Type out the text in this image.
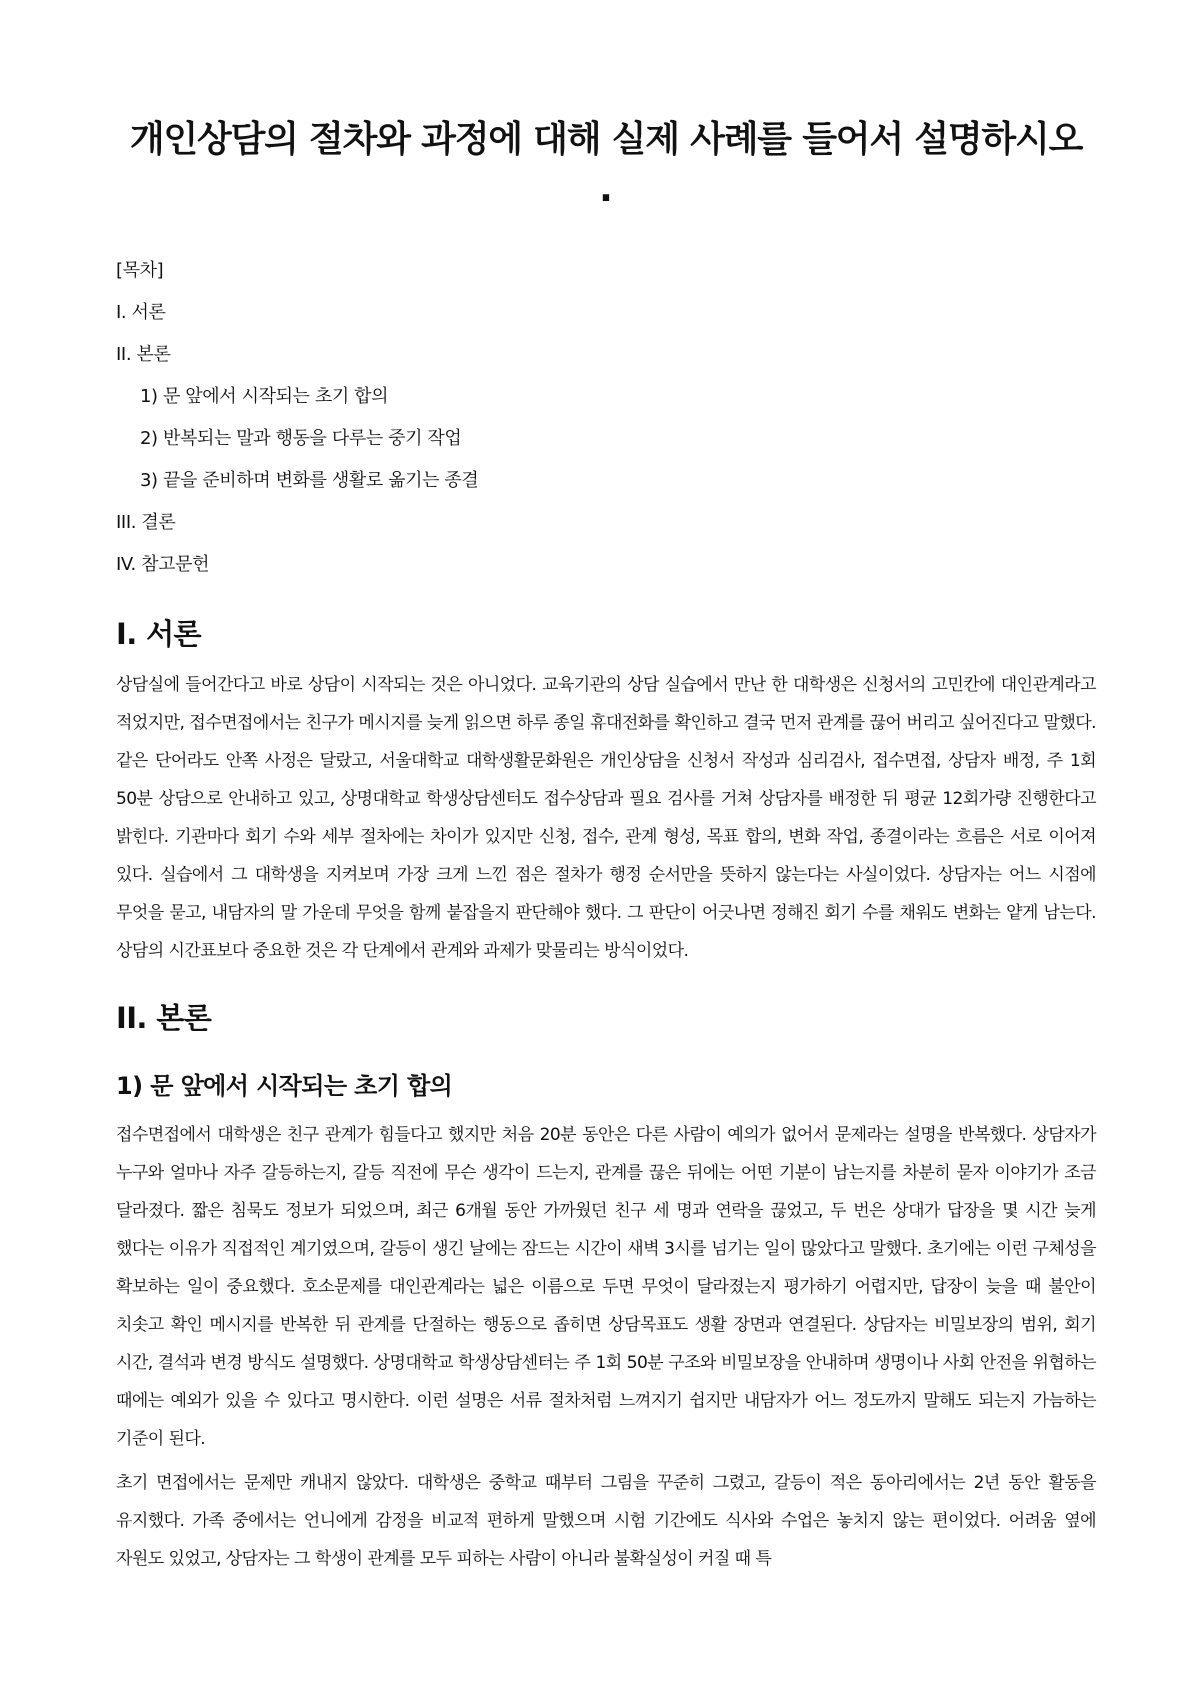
개인상담의 절차와 과정에 대해 실제 사례를 들어서 설명하시오
.
[목차]
I. 서론
II. 본론
1) 문 앞에서 시작되는 초기 합의
2) 반복되는 말과 행동을 다루는 중기 작업
3) 끝을 준비하며 변화를 생활로 옮기는 종결
III. 결론
IV. 참고문헌
I. 서론

상담실에 들어간다고 바로 상담이 시작되는 것은 아니었다. 교육기관의 상담 실습에서 만난 한 대학생은 신청서의 고민칸에 대인관계라고 적었지만, 접수면접에서는 친구가 메시지를 늦게 읽으면 하루 종일 휴대전화를 확인하고 결국 먼저 관계를 끊어 버리고 싶어진다고 말했다. 같은 단어라도 안쪽 사정은 달랐고, 서울대학교 대학생활문화원은 개인상담을 신청서 작성과 심리검사, 접수면접, 상담자 배정, 주 1회 50분 상담으로 안내하고 있고, 상명대학교 학생상담센터도 접수상담과 필요 검사를 거쳐 상담자를 배정한 뒤 평균 12회가량 진행한다고 밝힌다. 기관마다 회기 수와 세부 절차에는 차이가 있지만 신청, 접수, 관계 형성, 목표 합의, 변화 작업, 종결이라는 흐름은 서로 이어져 있다. 실습에서 그 대학생을 지켜보며 가장 크게 느낀 점은 절차가 행정 순서만을 뜻하지 않는다는 사실이었다. 상담자는 어느 시점에 무엇을 묻고, 내담자의 말 가운데 무엇을 함께 붙잡을지 판단해야 했다. 그 판단이 어긋나면 정해진 회기 수를 채워도 변화는 얕게 남는다. 상담의 시간표보다 중요한 것은 각 단계에서 관계와 과제가 맞물리는 방식이었다.

II. 본론
1) 문 앞에서 시작되는 초기 합의

접수면접에서 대학생은 친구 관계가 힘들다고 했지만 처음 20분 동안은 다른 사람이 예의가 없어서 문제라는 설명을 반복했다. 상담자가 누구와 얼마나 자주 갈등하는지, 갈등 직전에 무슨 생각이 드는지, 관계를 끊은 뒤에는 어떤 기분이 남는지를 차분히 묻자 이야기가 조금 달라졌다. 짧은 침묵도 정보가 되었으며, 최근 6개월 동안 가까웠던 친구 세 명과 연락을 끊었고, 두 번은 상대가 답장을 몇 시간 늦게 했다는 이유가 직접적인 계기였으며, 갈등이 생긴 날에는 잠드는 시간이 새벽 3시를 넘기는 일이 많았다고 말했다. 초기에는 이런 구체성을 확보하는 일이 중요했다. 호소문제를 대인관계라는 넓은 이름으로 두면 무엇이 달라졌는지 평가하기 어렵지만, 답장이 늦을 때 불안이 치솟고 확인 메시지를 반복한 뒤 관계를 단절하는 행동으로 좁히면 상담목표도 생활 장면과 연결된다. 상담자는 비밀보장의 범위, 회기 시간, 결석과 변경 방식도 설명했다. 상명대학교 학생상담센터는 주 1회 50분 구조와 비밀보장을 안내하며 생명이나 사회 안전을 위협하는 때에는 예외가 있을 수 있다고 명시한다. 이런 설명은 서류 절차처럼 느껴지기 쉽지만 내담자가 어느 정도까지 말해도 되는지 가늠하는 기준이 된다.

초기 면접에서는 문제만 캐내지 않았다. 대학생은 중학교 때부터 그림을 꾸준히 그렸고, 갈등이 적은 동아리에서는 2년 동안 활동을 유지했다. 가족 중에서는 언니에게 감정을 비교적 편하게 말했으며 시험 기간에도 식사와 수업은 놓치지 않는 편이었다. 어려움 옆에 자원도 있었고, 상담자는 그 학생이 관계를 모두 피하는 사람이 아니라 불확실성이 커질 때 특
